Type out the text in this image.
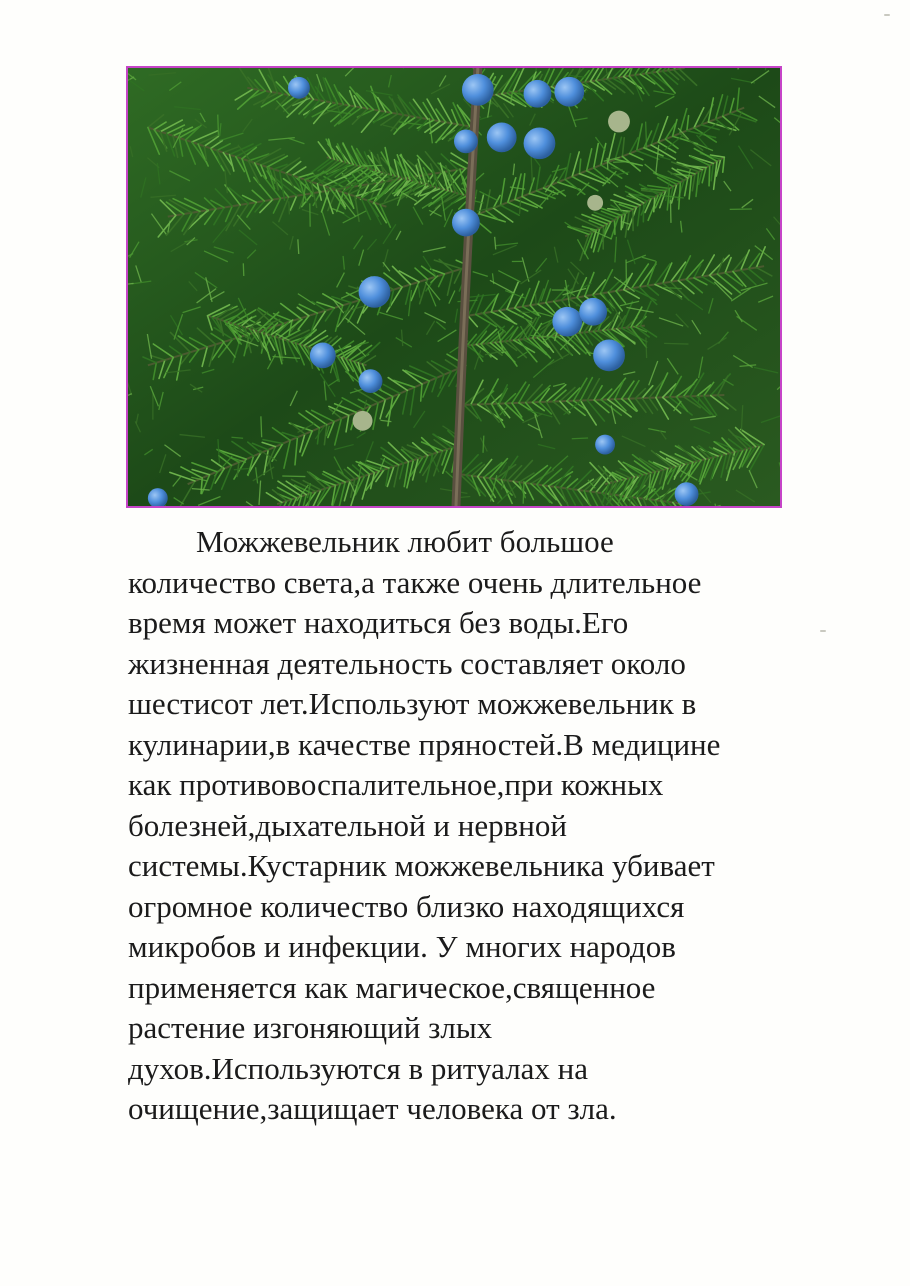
Можжевельник любит большое
количество света,а также очень длительное
время может находиться без воды.Его
жизненная деятельность составляет около
шестисот лет.Используют можжевельник в
кулинарии,в качестве пряностей.В медицине
как противовоспалительное,при кожных
болезней,дыхательной и нервной
системы.Кустарник можжевельника убивает
огромное количество близко находящихся
микробов и инфекции. У многих народов
применяется как магическое,священное
растение изгоняющий злых
духов.Используются в ритуалах на
очищение,защищает человека от зла.
